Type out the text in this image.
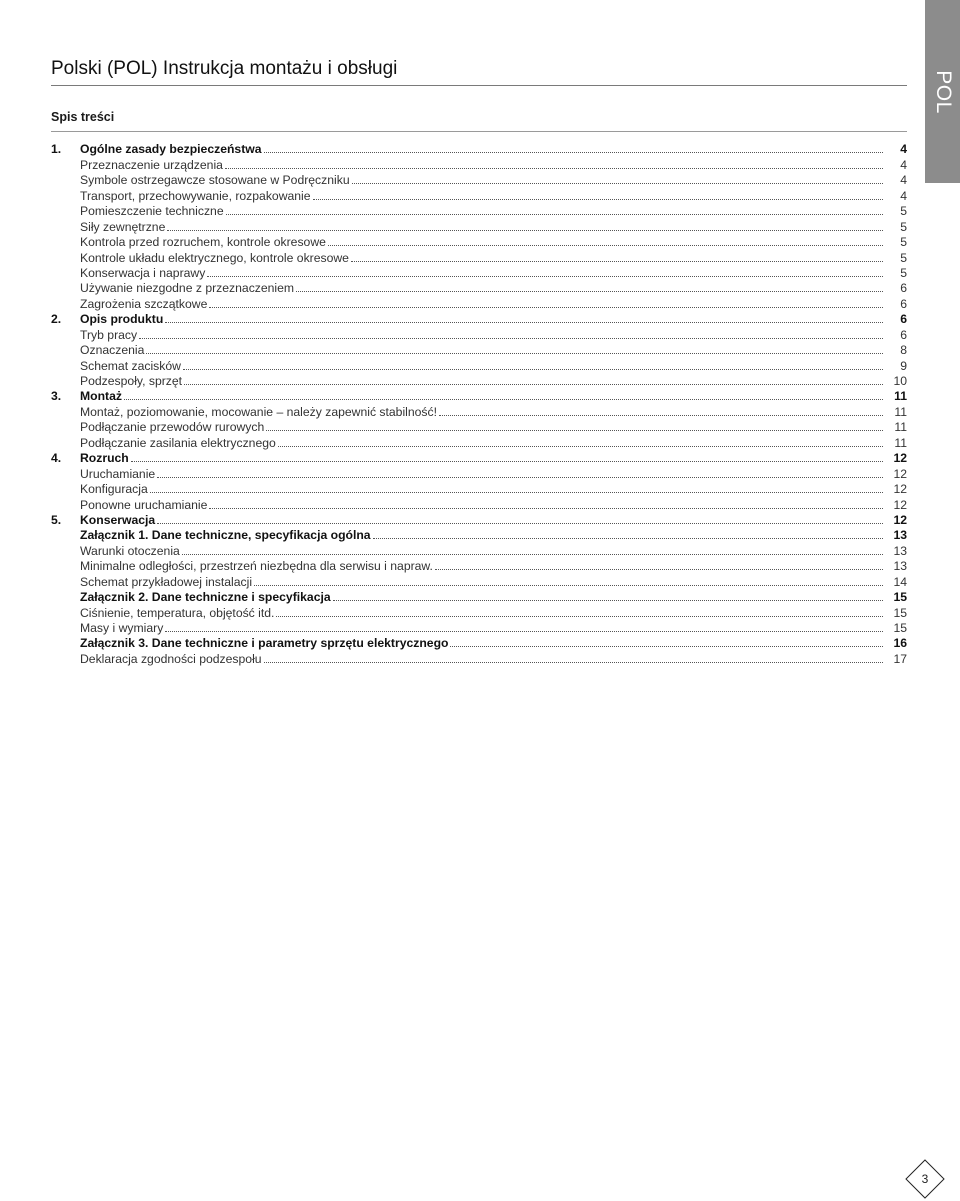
POL
Polski (POL) Instrukcja montażu i obsługi
Spis treści
1.	Ogólne zasady bezpieczeństwa	4
Przeznaczenie urządzenia	4
Symbole ostrzegawcze stosowane w Podręczniku	4
Transport, przechowywanie, rozpakowanie	4
Pomieszczenie techniczne	5
Siły zewnętrzne	5
Kontrola przed rozruchem, kontrole okresowe	5
Kontrole układu elektrycznego, kontrole okresowe	5
Konserwacja i naprawy	5
Używanie niezgodne z przeznaczeniem	6
Zagrożenia szczątkowe	6
2.	Opis produktu	6
Tryb pracy	6
Oznaczenia	8
Schemat zacisków	9
Podzespoły, sprzęt	10
3.	Montaż	11
Montaż, poziomowanie, mocowanie – należy zapewnić stabilność!	11
Podłączanie przewodów rurowych	11
Podłączanie zasilania elektrycznego	11
4.	Rozruch	12
Uruchamianie	12
Konfiguracja	12
Ponowne uruchamianie	12
5.	Konserwacja	12
Załącznik 1. Dane techniczne, specyfikacja ogólna	13
Warunki otoczenia	13
Minimalne odległości, przestrzeń niezbędna dla serwisu i napraw.	13
Schemat przykładowej instalacji	14
Załącznik 2. Dane techniczne i specyfikacja	15
Ciśnienie, temperatura, objętość itd.	15
Masy i wymiary	15
Załącznik 3. Dane techniczne i parametry sprzętu elektrycznego	16
Deklaracja zgodności podzespołu	17
3
